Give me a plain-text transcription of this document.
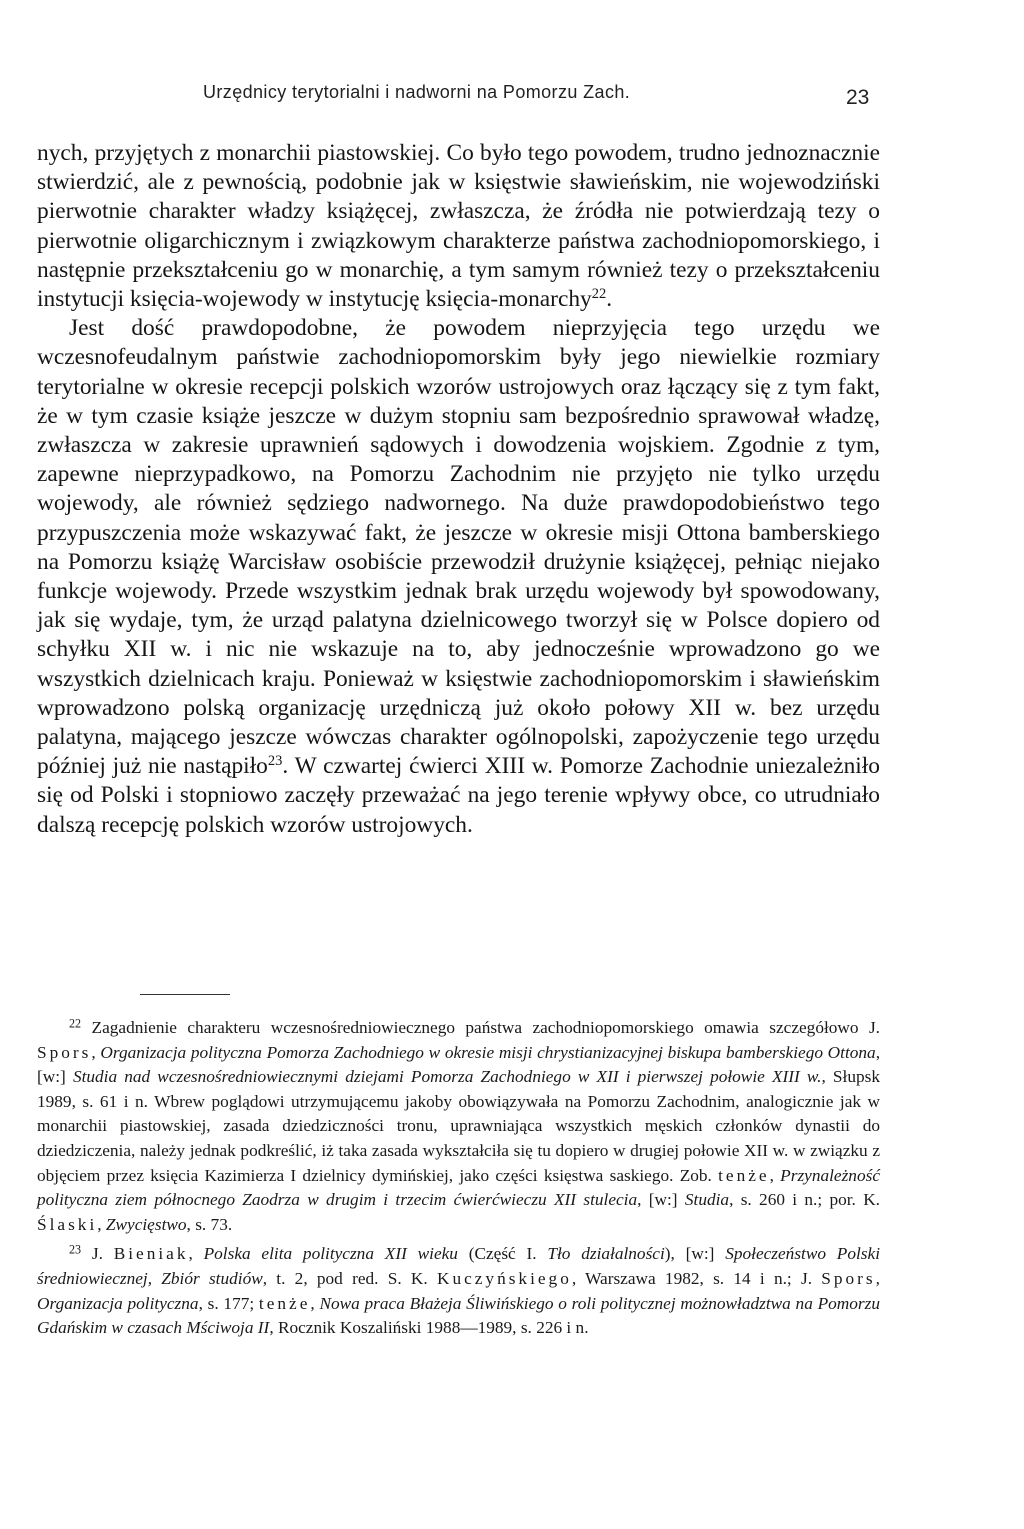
Urzędnicy terytorialni i nadworni na Pomorzu Zach.	23

nych, przyjętych z monarchii piastowskiej. Co było tego powodem, trudno jednoznacznie stwierdzić, ale z pewnością, podobnie jak w księstwie sławieńskim, nie wojewodziński pierwotnie charakter władzy książęcej, zwłaszcza, że źródła nie potwierdzają tezy o pierwotnie oligarchicznym i związkowym charakterze państwa zachodniopomorskiego, i następnie przekształceniu go w monarchię, a tym samym również tezy o przekształceniu instytucji księcia-wojewody w instytucję księcia-monarchy$^{22}$.

Jest dość prawdopodobne, że powodem nieprzyjęcia tego urzędu we wczesnofeudalnym państwie zachodniopomorskim były jego niewielkie rozmiary terytorialne w okresie recepcji polskich wzorów ustrojowych oraz łączący się z tym fakt, że w tym czasie książe jeszcze w dużym stopniu sam bezpośrednio sprawował władzę, zwłaszcza w zakresie uprawnień sądowych i dowodzenia wojskiem. Zgodnie z tym, zapewne nieprzypadkowo, na Pomorzu Zachodnim nie przyjęto nie tylko urzędu wojewody, ale również sędziego nadwornego. Na duże prawdopodobieństwo tego przypuszczenia może wskazywać fakt, że jeszcze w okresie misji Ottona bamberskiego na Pomorzu książę Warcisław osobiście przewodził drużynie książęcej, pełniąc niejako funkcje wojewody. Przede wszystkim jednak brak urzędu wojewody był spowodowany, jak się wydaje, tym, że urząd palatyna dzielnicowego tworzył się w Polsce dopiero od schyłku XII w. i nic nie wskazuje na to, aby jednocześnie wprowadzono go we wszystkich dzielnicach kraju. Ponieważ w księstwie zachodniopomorskim i sławieńskim wprowadzono polską organizację urzędniczą już około połowy XII w. bez urzędu palatyna, mającego jeszcze wówczas charakter ogólnopolski, zapożyczenie tego urzędu później już nie nastąpiło$^{23}$. W czwartej ćwierci XIII w. Pomorze Zachodnie uniezależniło się od Polski i stopniowo zaczęły przeważać na jego terenie wpływy obce, co utrudniało dalszą recepcję polskich wzorów ustrojowych.

$^{22}$ Zagadnienie charakteru wczesnośredniowiecznego państwa zachodniopomorskiego omawia szczegółowo J. Spors, Organizacja polityczna Pomorza Zachodniego w okresie misji chrystianizacyjnej biskupa bamberskiego Ottona, [w:] Studia nad wczesnośredniowiecznymi dziejami Pomorza Zachodniego w XII i pierwszej połowie XIII w., Słupsk 1989, s. 61 i n. Wbrew poglądowi utrzymującemu jakoby obowiązywała na Pomorzu Zachodnim, analogicznie jak w monarchii piastowskiej, zasada dziedziczności tronu, uprawniająca wszystkich męskich członków dynastii do dziedziczenia, należy jednak podkreślić, iż taka zasada wykształciła się tu dopiero w drugiej połowie XII w. w związku z objęciem przez księcia Kazimierza I dzielnicy dymińskiej, jako części księstwa saskiego. Zob. tenże, Przynależność polityczna ziem północnego Zaodrza w drugim i trzecim ćwierćwieczu XII stulecia, [w:] Studia, s. 260 i n.; por. K. Ślaski, Zwycięstwo, s. 73.

$^{23}$ J. Bieniak, Polska elita polityczna XII wieku (Część I. Tło działalności), [w:] Społeczeństwo Polski średniowiecznej, Zbiór studiów, t. 2, pod red. S. K. Kuczyńskiego, Warszawa 1982, s. 14 i n.; J. Spors, Organizacja polityczna, s. 177; tenże, Nowa praca Błażeja Śliwińskiego o roli politycznej możnowładztwa na Pomorzu Gdańskim w czasach Mściwoja II, Rocznik Koszaliński 1988—1989, s. 226 i n.
